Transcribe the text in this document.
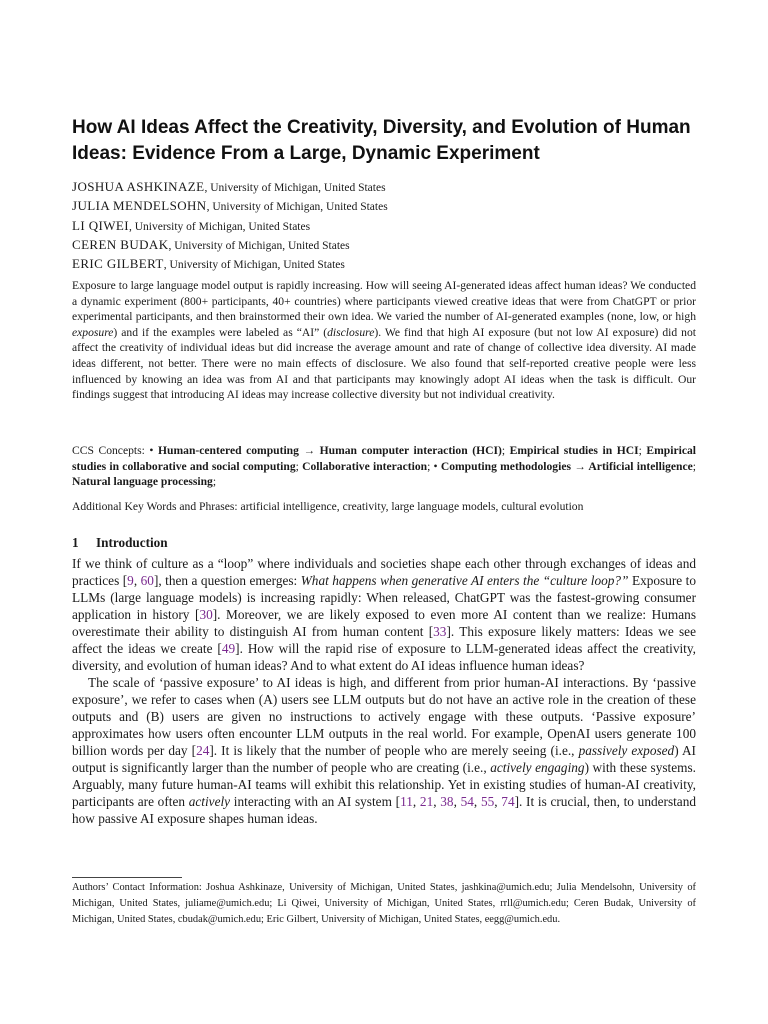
How AI Ideas Affect the Creativity, Diversity, and Evolution of Human Ideas: Evidence From a Large, Dynamic Experiment
JOSHUA ASHKINAZE, University of Michigan, United States
JULIA MENDELSOHN, University of Michigan, United States
LI QIWEI, University of Michigan, United States
CEREN BUDAK, University of Michigan, United States
ERIC GILBERT, University of Michigan, United States

Exposure to large language model output is rapidly increasing. How will seeing AI-generated ideas affect human ideas? We conducted a dynamic experiment (800+ participants, 40+ countries) where participants viewed creative ideas that were from ChatGPT or prior experimental participants, and then brainstormed their own idea. We varied the number of AI-generated examples (none, low, or high exposure) and if the examples were labeled as “AI” (disclosure). We find that high AI exposure (but not low AI exposure) did not affect the creativity of individual ideas but did increase the average amount and rate of change of collective idea diversity. AI made ideas different, not better. There were no main effects of disclosure. We also found that self-reported creative people were less influenced by knowing an idea was from AI and that participants may knowingly adopt AI ideas when the task is difficult. Our findings suggest that introducing AI ideas may increase collective diversity but not individual creativity.

CCS Concepts: • Human-centered computing → Human computer interaction (HCI); Empirical studies in HCI; Empirical studies in collaborative and social computing; Collaborative interaction; • Computing methodologies → Artificial intelligence; Natural language processing;

Additional Key Words and Phrases: artificial intelligence, creativity, large language models, cultural evolution

1 Introduction

If we think of culture as a “loop” where individuals and societies shape each other through exchanges of ideas and practices [9, 60], then a question emerges: What happens when generative AI enters the “culture loop?” Exposure to LLMs (large language models) is increasing rapidly: When released, ChatGPT was the fastest-growing consumer application in history [30]. Moreover, we are likely exposed to even more AI content than we realize: Humans overestimate their ability to distinguish AI from human content [33]. This exposure likely matters: Ideas we see affect the ideas we create [49]. How will the rapid rise of exposure to LLM-generated ideas affect the creativity, diversity, and evolution of human ideas? And to what extent do AI ideas influence human ideas?

The scale of ‘passive exposure’ to AI ideas is high, and different from prior human-AI interactions. By ‘passive exposure’, we refer to cases when (A) users see LLM outputs but do not have an active role in the creation of these outputs and (B) users are given no instructions to actively engage with these outputs. ‘Passive exposure’ approximates how users often encounter LLM outputs in the real world. For example, OpenAI users generate 100 billion words per day [24]. It is likely that the number of people who are merely seeing (i.e., passively exposed) AI output is significantly larger than the number of people who are creating (i.e., actively engaging) with these systems. Arguably, many future human-AI teams will exhibit this relationship. Yet in existing studies of human-AI creativity, participants are often actively interacting with an AI system [11, 21, 38, 54, 55, 74]. It is crucial, then, to understand how passive AI exposure shapes human ideas.

Authors’ Contact Information: Joshua Ashkinaze, University of Michigan, United States, jashkina@umich.edu; Julia Mendelsohn, University of Michigan, United States, juliame@umich.edu; Li Qiwei, University of Michigan, United States, rrll@umich.edu; Ceren Budak, University of Michigan, United States, cbudak@umich.edu; Eric Gilbert, University of Michigan, United States, eegg@umich.edu.
